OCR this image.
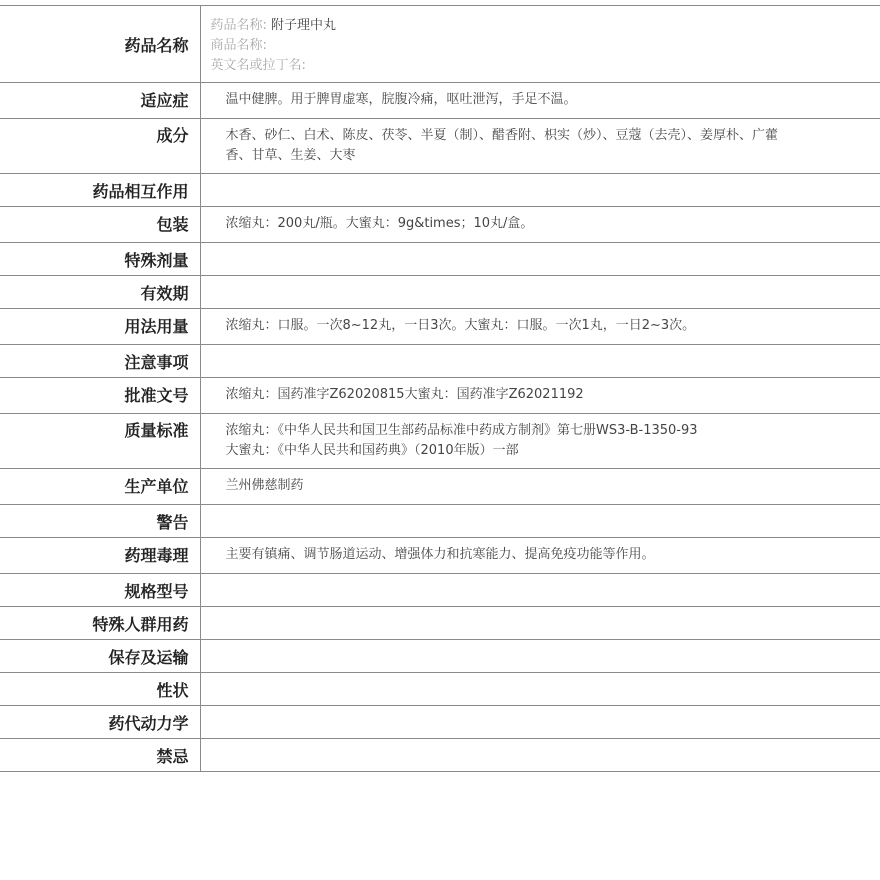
药品名称	药品名称: 附子理中丸
商品名称:
英文名或拉丁名:

适应症	温中健脾。用于脾胃虚寒，脘腹冷痛，呕吐泄泻，手足不温。
成分	木香、砂仁、白术、陈皮、茯苓、半夏（制）、醋香附、枳实（炒）、豆蔻（去壳）、姜厚朴、广藿香、甘草、生姜、大枣
药品相互作用	
包装	浓缩丸：200丸/瓶。大蜜丸：9g&times；10丸/盒。
特殊剂量	
有效期	
用法用量	浓缩丸：口服。一次8~12丸，一日3次。大蜜丸：口服。一次1丸，一日2~3次。
注意事项	
批准文号	浓缩丸：国药准字Z62020815大蜜丸：国药准字Z62021192
质量标准	浓缩丸：《中华人民共和国卫生部药品标准中药成方制剂》第七册WS3-B-1350-93
大蜜丸：《中华人民共和国药典》（2010年版）一部

生产单位	兰州佛慈制药
警告	
药理毒理	主要有镇痛、调节肠道运动、增强体力和抗寒能力、提高免疫功能等作用。
规格型号	
特殊人群用药	
保存及运输	
性状	
药代动力学	
禁忌	
